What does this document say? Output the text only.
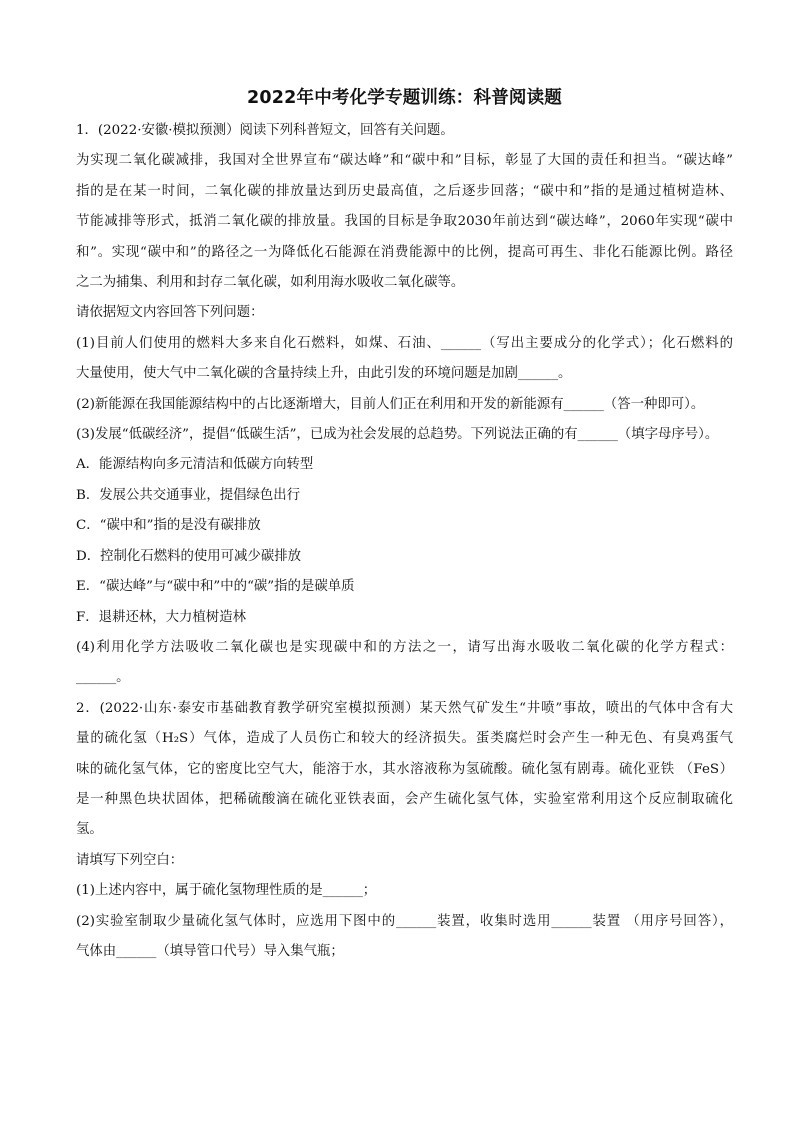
2022年中考化学专题训练：科普阅读题
1．(2022·安徽·模拟预测）阅读下列科普短文，回答有关问题。
为实现二氧化碳减排，我国对全世界宣布“碳达峰”和“碳中和”目标，彰显了大国的责任和担当。“碳达峰”
指的是在某一时间，二氧化碳的排放量达到历史最高值，之后逐步回落；“碳中和”指的是通过植树造林、
节能减排等形式，抵消二氧化碳的排放量。我国的目标是争取2030年前达到“碳达峰”，2060年实现“碳中
和”。实现“碳中和”的路径之一为降低化石能源在消费能源中的比例，提高可再生、非化石能源比例。路径
之二为捕集、利用和封存二氧化碳，如利用海水吸收二氧化碳等。
请依据短文内容回答下列问题：
(1)目前人们使用的燃料大多来自化石燃料，如煤、石油、______（写出主要成分的化学式）；化石燃料的
大量使用，使大气中二氧化碳的含量持续上升，由此引发的环境问题是加剧______。
(2)新能源在我国能源结构中的占比逐渐增大，目前人们正在利用和开发的新能源有______（答一种即可）。
(3)发展“低碳经济”，提倡“低碳生活”，已成为社会发展的总趋势。下列说法正确的有______（填字母序号）。
A．能源结构向多元清洁和低碳方向转型
B．发展公共交通事业，提倡绿色出行
C．“碳中和”指的是没有碳排放
D．控制化石燃料的使用可减少碳排放
E．“碳达峰”与“碳中和”中的“碳”指的是碳单质
F．退耕还林，大力植树造林
(4)利用化学方法吸收二氧化碳也是实现碳中和的方法之一，请写出海水吸收二氧化碳的化学方程式：
______。
2．(2022·山东·泰安市基础教育教学研究室模拟预测）某天然气矿发生“井喷”事故，喷出的气体中含有大
量的硫化氢（H₂S）气体，造成了人员伤亡和较大的经济损失。蛋类腐烂时会产生一种无色、有臭鸡蛋气
味的硫化氢气体，它的密度比空气大，能溶于水，其水溶液称为氢硫酸。硫化氢有剧毒。硫化亚铁 （FeS）
是一种黑色块状固体，把稀硫酸滴在硫化亚铁表面，会产生硫化氢气体，实验室常利用这个反应制取硫化
氢。
请填写下列空白：
(1)上述内容中，属于硫化氢物理性质的是______；
(2)实验室制取少量硫化氢气体时，应选用下图中的______装置，收集时选用______装置 （用序号回答），
气体由______（填导管口代号）导入集气瓶；
